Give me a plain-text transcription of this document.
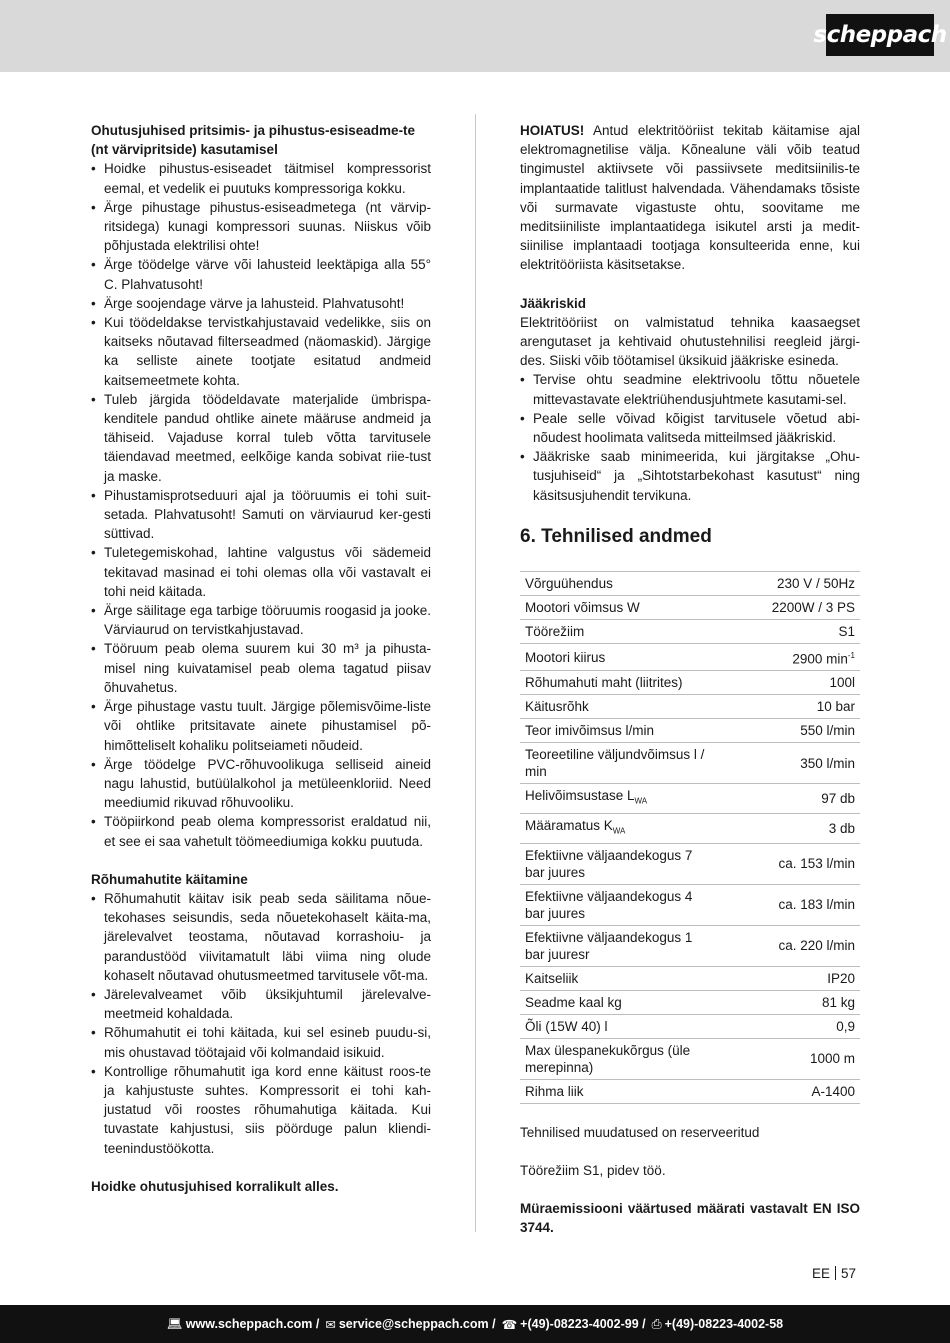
scheppach
Ohutusjuhised pritsimis- ja pihustus-esiseadme-te (nt värvipritside) kasutamisel
• Hoidke pihustus-esiseadet täitmisel kompressorist eemal, et vedelik ei puutuks kompressoriga kokku.
• Ärge pihustage pihustus-esiseadmetega (nt värvip-ritsidega) kunagi kompressori suunas. Niiskus võib põhjustada elektrilisi ohte!
• Ärge töödelge värve või lahusteid leektäpiga alla 55° C. Plahvatusoht!
• Ärge soojendage värve ja lahusteid. Plahvatusoht!
• Kui töödeldakse tervistkahjustavaid vedelikke, siis on kaitseks nõutavad filterseadmed (näomaskid). Järgige ka selliste ainete tootjate esitatud andmeid kaitsemeetmete kohta.
• Tuleb järgida töödeldavate materjalide ümbrispa-kenditele pandud ohtlike ainete määruse andmeid ja tähiseid. Vajaduse korral tuleb võtta tarvitusele täiendavad meetmed, eelkõige kanda sobivat riie-tust ja maske.
• Pihustamisprotseduuri ajal ja tööruumis ei tohi suit-setada. Plahvatusoht! Samuti on värviaurud ker-gesti süttivad.
• Tuletegemiskohad, lahtine valgustus või sädemeid tekitavad masinad ei tohi olemas olla või vastavalt ei tohi neid käitada.
• Ärge säilitage ega tarbige tööruumis roogasid ja jooke. Värviaurud on tervistkahjustavad.
• Tööruum peab olema suurem kui 30 m³ ja pihusta-misel ning kuivatamisel peab olema tagatud piisav õhuvahetus.
• Ärge pihustage vastu tuult. Järgige põlemisvõime-liste või ohtlike pritsitavate ainete pihustamisel põ-himõtteliselt kohaliku politseiameti nõudeid.
• Ärge töödelge PVC-rõhuvoolikuga selliseid aineid nagu lahustid, butüülalkohol ja metüleenkloriid. Need meediumid rikuvad rõhuvooliku.
• Tööpiirkond peab olema kompressorist eraldatud nii, et see ei saa vahetult töömeediumiga kokku puutuda.
Rõhumahutite käitamine
• Rõhumahutit käitav isik peab seda säilitama nõue-tekohases seisundis, seda nõuetekohaselt käita-ma, järelevalvet teostama, nõutavad korrashoiu- ja parandustööd viivitamatult läbi viima ning olude kohaselt nõutavad ohutusmeetmed tarvitusele võt-ma.
• Järelevalveamet võib üksikjuhtumil järelevalve-meetmeid kohaldada.
• Rõhumahutit ei tohi käitada, kui sel esineb puudu-si, mis ohustavad töötajaid või kolmandaid isikuid.
• Kontrollige rõhumahutit iga kord enne käitust roos-te ja kahjustuste suhtes. Kompressorit ei tohi kah-justatud või roostes rõhumahutiga käitada. Kui tuvastate kahjustusi, siis pöörduge palun kliendi-teenindustöökotta.
Hoidke ohutusjuhised korralikult alles.
HOIATUS! Antud elektritööriist tekitab käitamise ajal elektromagnetilise välja. Kõnealune väli võib teatud tingimustel aktiivsete või passiivsete meditsiinilis-te implantaatide talitlust halvendada. Vähendamaks tõsiste või surmavate vigastuste ohtu, soovitame me meditsiiniliste implantaatidega isikutel arsti ja medit-siinilise implantaadi tootjaga konsulteerida enne, kui elektritööriista käsitsetakse.
Jääkriskid
Elektritööriist on valmistatud tehnika kaasaegset arengutaset ja kehtivaid ohutustehnilisi reegleid järgi-des. Siiski võib töötamisel üksikuid jääkriske esineda.
• Tervise ohtu seadmine elektrivoolu tõttu nõuetele mittevastavate elektriühendusjuhtmete kasutami-sel.
• Peale selle võivad kõigist tarvitusele võetud abi-nõudest hoolimata valitseda mitteilmsed jääkriskid.
• Jääkriske saab minimeerida, kui järgitakse „Ohu-tusjuhiseid“ ja „Sihtotstarbekohast kasutust“ ning käsitsusjuhendit tervikuna.
6. Tehnilised andmed
Võrguühendus	230 V / 50Hz
Mootori võimsus W	2200W / 3 PS
Töörežiim	S1
Mootori kiirus	2900 $\min^{-1}$
Rõhumahuti maht (liitrites)	100l
Käitusrõhk	10 bar
Teor imivõimsus l/min	550 l/min
Teoreetiline väljundvõimsus l / min	350 l/min
Helivõimsustase $L_{WA}$	97 db
Määramatus $K_{WA}$	3 db
Efektiivne väljaandekogus 7 bar juures	ca. 153 l/min
Efektiivne väljaandekogus 4 bar juures	ca. 183 l/min
Efektiivne väljaandekogus 1 bar juuresr	ca. 220 l/min
Kaitseliik	IP20
Seadme kaal kg	81 kg
Õli (15W 40) l	0,9
Max ülespanekukõrgus (üle merepinna)	1000 m
Rihma liik	A-1400
Tehnilised muudatused on reserveeritud
Töörežiim S1, pidev töö.
Müraemissiooni väärtused määrati vastavalt EN ISO 3744.
EE 57
💻︎ www.scheppach.com / ✉ service@scheppach.com / ☎ +(49)-08223-4002-99 / ⎙ +(49)-08223-4002-58
